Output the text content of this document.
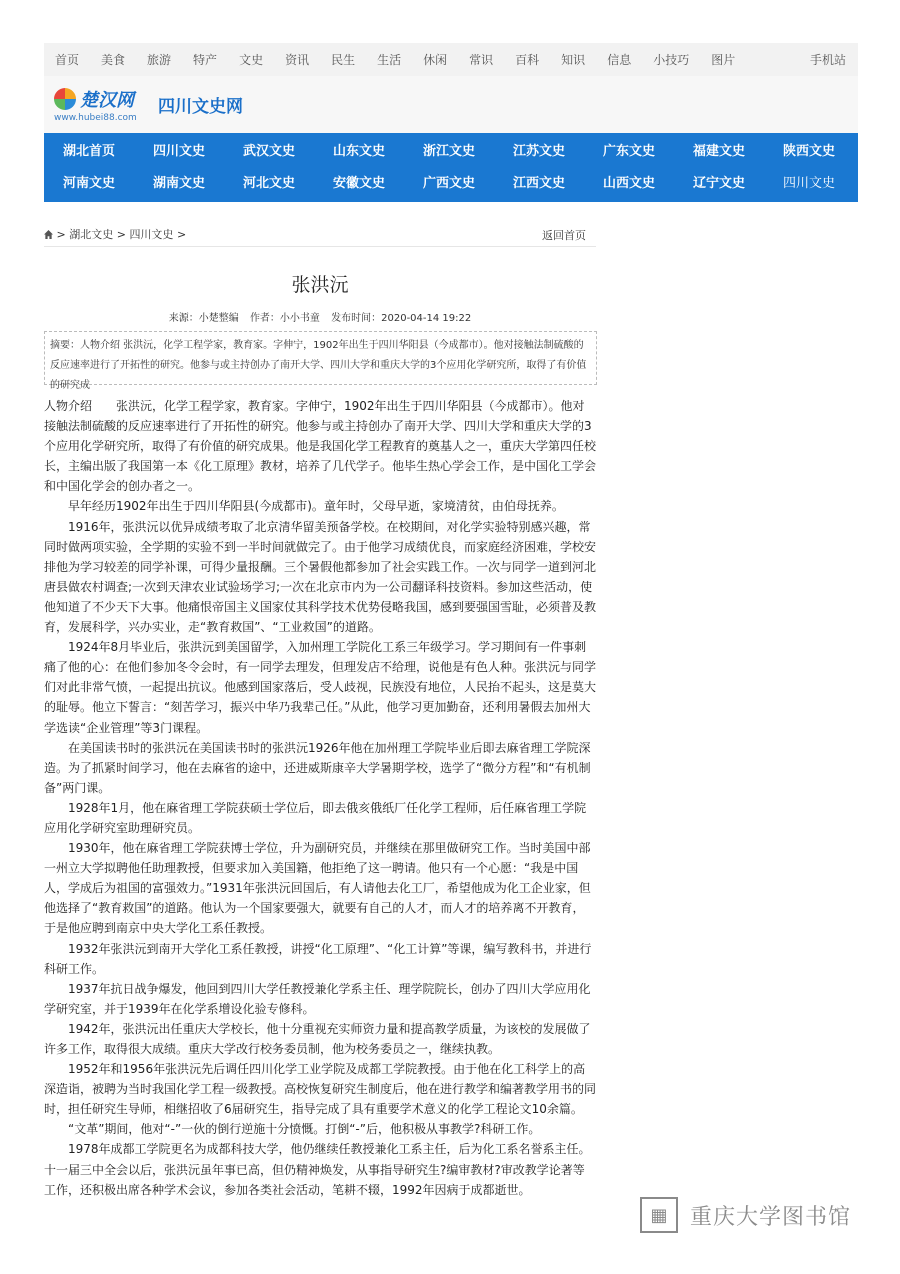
首页 美食 旅游 特产 文史 资讯 民生 生活 休闲 常识 百科 知识 信息 小技巧 图片	手机站
楚汉网
www.hubei88.com
四川文史网
湖北首页	四川文史	武汉文史	山东文史	浙江文史	江苏文史	广东文史	福建文史	陕西文史
河南文史	湖南文史	河北文史	安徽文史	广西文史	江西文史	山西文史	辽宁文史	四川文史
> 湖北文史 > 四川文史 >	返回首页
张洪沅
来源：小楚整编 作者：小小书童 发布时间：2020-04-14 19:22
摘要：人物介绍 张洪沅，化学工程学家，教育家。字伸宁，1902年出生于四川华阳县（今成都市）。他对接触法制硫酸的反应速率进行了开拓性的研究。他参与或主持创办了南开大学、四川大学和重庆大学的3个应用化学研究所，取得了有价值的研究成

人物介绍　　张洪沅，化学工程学家，教育家。字伸宁，1902年出生于四川华阳县（今成都市）。他对接触法制硫酸的反应速率进行了开拓性的研究。他参与或主持创办了南开大学、四川大学和重庆大学的3个应用化学研究所，取得了有价值的研究成果。他是我国化学工程教育的奠基人之一，重庆大学第四任校长，主编出版了我国第一本《化工原理》教材，培养了几代学子。他毕生热心学会工作，是中国化工学会和中国化学会的创办者之一。

早年经历1902年出生于四川华阳县(今成都市)。童年时，父母早逝，家境清贫，由伯母抚养。

1916年，张洪沅以优异成绩考取了北京清华留美预备学校。在校期间，对化学实验特别感兴趣，常同时做两项实验，全学期的实验不到一半时间就做完了。由于他学习成绩优良，而家庭经济困难，学校安排他为学习较差的同学补课，可得少量报酬。三个暑假他都参加了社会实践工作。一次与同学一道到河北唐县做农村调查;一次到天津农业试验场学习;一次在北京市内为一公司翻译科技资料。参加这些活动，使他知道了不少天下大事。他痛恨帝国主义国家仗其科学技术优势侵略我国，感到要强国雪耻，必须普及教育，发展科学，兴办实业，走“教育救国”、“工业救国”的道路。

1924年8月毕业后，张洪沅到美国留学，入加州理工学院化工系三年级学习。学习期间有一件事刺痛了他的心：在他们参加冬令会时，有一同学去理发，但理发店不给理，说他是有色人种。张洪沅与同学们对此非常气愤，一起提出抗议。他感到国家落后，受人歧视，民族没有地位，人民抬不起头，这是莫大的耻辱。他立下誓言：“刻苦学习，振兴中华乃我辈己任。”从此，他学习更加勤奋，还利用暑假去加州大学选读“企业管理”等3门课程。

在美国读书时的张洪沅在美国读书时的张洪沅1926年他在加州理工学院毕业后即去麻省理工学院深造。为了抓紧时间学习，他在去麻省的途中，还进威斯康辛大学暑期学校，选学了“微分方程”和“有机制备”两门课。

1928年1月，他在麻省理工学院获硕士学位后，即去俄亥俄纸厂任化学工程师，后任麻省理工学院应用化学研究室助理研究员。

1930年，他在麻省理工学院获博士学位，升为副研究员，并继续在那里做研究工作。当时美国中部一州立大学拟聘他任助理教授，但要求加入美国籍，他拒绝了这一聘请。他只有一个心愿：“我是中国人，学成后为祖国的富强效力。”1931年张洪沅回国后，有人请他去化工厂，希望他成为化工企业家，但他选择了“教育救国”的道路。他认为一个国家要强大，就要有自己的人才，而人才的培养离不开教育，于是他应聘到南京中央大学化工系任教授。

1932年张洪沅到南开大学化工系任教授，讲授“化工原理”、“化工计算”等课，编写教科书，并进行科研工作。

1937年抗日战争爆发，他回到四川大学任教授兼化学系主任、理学院院长，创办了四川大学应用化学研究室，并于1939年在化学系增设化验专修科。

1942年，张洪沅出任重庆大学校长，他十分重视充实师资力量和提高教学质量，为该校的发展做了许多工作，取得很大成绩。重庆大学改行校务委员制，他为校务委员之一，继续执教。

1952年和1956年张洪沅先后调任四川化学工业学院及成都工学院教授。由于他在化工科学上的高深造诣，被聘为当时我国化学工程一级教授。高校恢复研究生制度后，他在进行教学和编著教学用书的同时，担任研究生导师，相继招收了6届研究生，指导完成了具有重要学术意义的化学工程论文10余篇。

“文革”期间，他对“-”一伙的倒行逆施十分愤慨。打倒“-”后，他积极从事教学?科研工作。

1978年成都工学院更名为成都科技大学，他仍继续任教授兼化工系主任，后为化工系名誉系主任。十一届三中全会以后，张洪沅虽年事已高，但仍精神焕发，从事指导研究生?编审教材?审改教学论著等工作，还积极出席各种学术会议，参加各类社会活动，笔耕不辍，1992年因病于成都逝世。

▦	重庆大学图书馆
